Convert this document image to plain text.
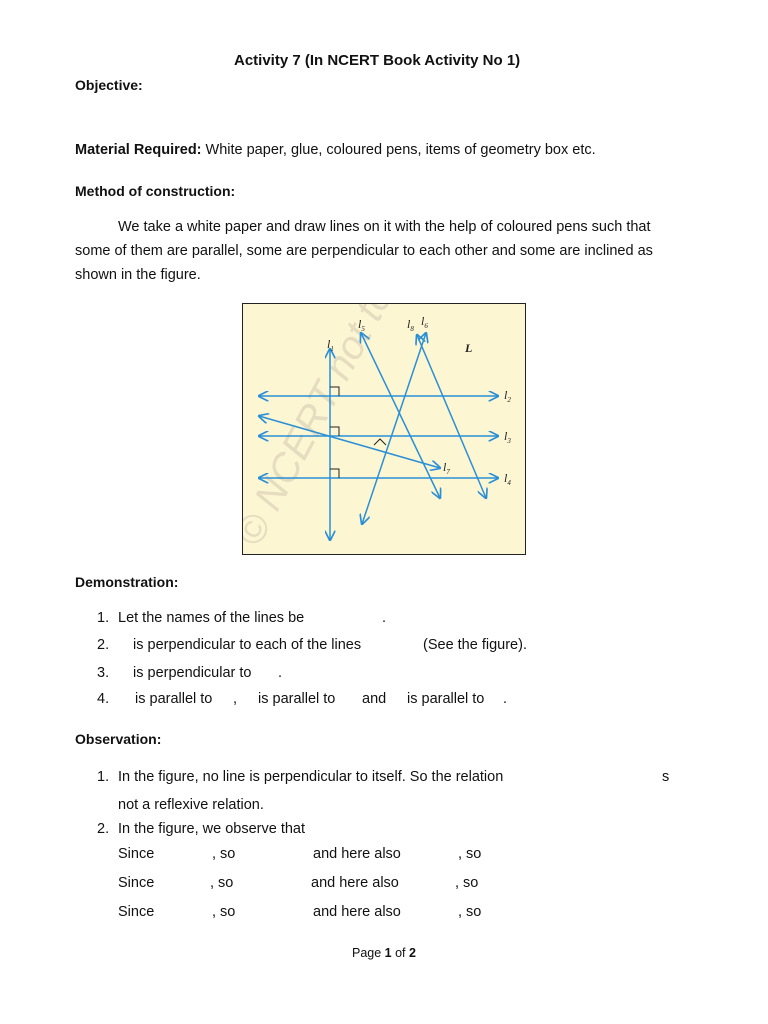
Activity 7 (In NCERT Book Activity No 1)
Objective:
Material Required: White paper, glue, coloured pens, items of geometry box etc.
Method of construction:
We take a white paper and draw lines on it with the help of coloured pens such that
some of them are parallel, some are perpendicular to each other and some are inclined as
shown in the figure.
$l_1$
$l_5$	$l_8$
$l_6$
L
$l_2$
$l_3$
$l_7$	$l_4$
Demonstration:
1. Let the names of the lines be	.
2. is perpendicular to each of the lines	(See the figure).
3. is perpendicular to .
4. is parallel to , is parallel to and is parallel to .
Observation:
1. In the figure, no line is perpendicular to itself. So the relation	s
not a reflexive relation.
2. In the figure, we observe that
Since	, so	and here also	, so
Since	, so	and here also	, so
Since	, so	and here also	, so
Page 1 of 2
